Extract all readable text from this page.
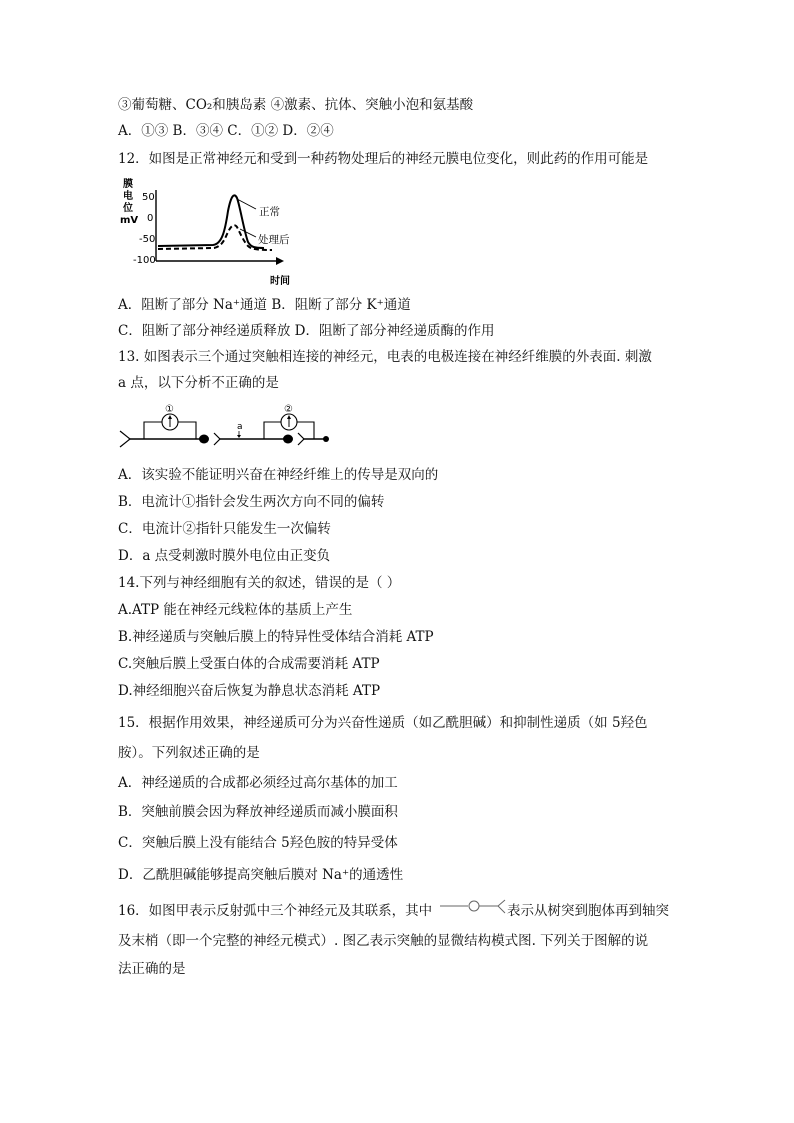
③葡萄糖、CO₂和胰岛素 ④激素、抗体、突触小泡和氨基酸
A．①③ B．③④ C．①② D．②④
12．如图是正常神经元和受到一种药物处理后的神经元膜电位变化，则此药的作用可能是
膜
电
位
mV
50
0
-50
-100
正常
处理后
时间
A．阻断了部分 Na⁺通道 B．阻断了部分 K⁺通道
C．阻断了部分神经递质释放 D．阻断了部分神经递质酶的作用
13. 如图表示三个通过突触相连接的神经元，电表的电极连接在神经纤维膜的外表面. 刺激
a 点，以下分析不正确的是
①
a
②
A．该实验不能证明兴奋在神经纤维上的传导是双向的
B．电流计①指针会发生两次方向不同的偏转
C．电流计②指针只能发生一次偏转
D．a 点受刺激时膜外电位由正变负
14.下列与神经细胞有关的叙述，错误的是（ ）
A.ATP 能在神经元线粒体的基质上产生
B.神经递质与突触后膜上的特异性受体结合消耗 ATP
C.突触后膜上受蛋白体的合成需要消耗 ATP
D.神经细胞兴奋后恢复为静息状态消耗 ATP
15．根据作用效果，神经递质可分为兴奋性递质（如乙酰胆碱）和抑制性递质（如 5羟色
胺）。下列叙述正确的是
A．神经递质的合成都必须经过高尔基体的加工
B．突触前膜会因为释放神经递质而减小膜面积
C．突触后膜上没有能结合 5羟色胺的特异受体
D．乙酰胆碱能够提高突触后膜对 Na⁺的通透性
16．如图甲表示反射弧中三个神经元及其联系，其中	表示从树突到胞体再到轴突
及末梢（即一个完整的神经元模式）. 图乙表示突触的显微结构模式图. 下列关于图解的说
法正确的是
